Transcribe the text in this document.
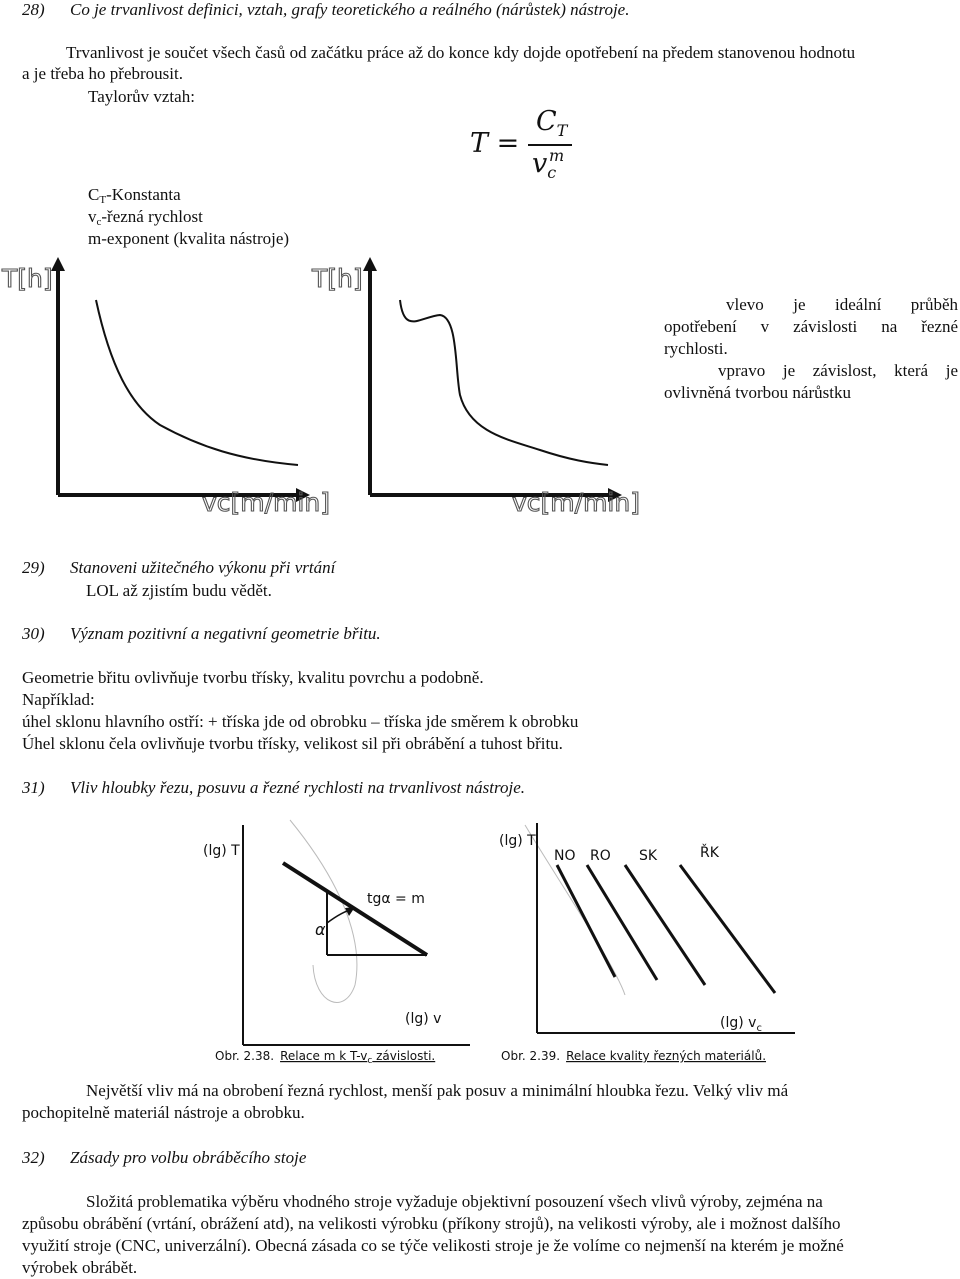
28) Co je trvanlivost definici, vztah, grafy teoretického a reálného (nárůstek) nástroje.
Trvanlivost je součet všech časů od začátku práce až do konce kdy dojde opotřebení na předem stanovenou hodnotu
a je třeba ho přebrousit.
Taylorův vztah:
T =
$C_T$
$v_c$
m
$C_T$-Konstanta
$v_c$-řezná rychlost
m-exponent (kvalita nástroje)
T[h]
vc[m/min]
T[h]
vc[m/min]
vlevo je ideální průběh
opotřebení v závislosti na řezné
rychlosti.
vpravo je závislost, která je
ovlivněná tvorbou nárůstku
29) Stanoveni užitečného výkonu při vrtání
LOL až zjistím budu vědět.
30) Význam pozitivní a negativní geometrie břitu.
Geometrie břitu ovlivňuje tvorbu třísky, kvalitu povrchu a podobně.
Například:
úhel sklonu hlavního ostří: + tříska jde od obrobku – tříska jde směrem k obrobku
Úhel sklonu čela ovlivňuje tvorbu třísky, velikost sil při obrábění a tuhost břitu.
31) Vliv hloubky řezu, posuvu a řezné rychlosti na trvanlivost nástroje.
(lg) T
(lg) v
α
tgα = m
(lg) T
(lg) $v_c$
NO RO SK	ŘK
Obr. 2.38. Relace m k $T-v_c$ závislosti.	Obr. 2.39. Relace kvality řezných materiálů.
Největší vliv má na obrobení řezná rychlost, menší pak posuv a minimální hloubka řezu. Velký vliv má
pochopitelně materiál nástroje a obrobku.
32) Zásady pro volbu obráběcího stoje
Složitá problematika výběru vhodného stroje vyžaduje objektivní posouzení všech vlivů výroby, zejména na
způsobu obrábění (vrtání, obrážení atd), na velikosti výrobku (příkony strojů), na velikosti výroby, ale i možnost dalšího
využití stroje (CNC, univerzální). Obecná zásada co se týče velikosti stroje je že volíme co nejmenší na kterém je možné
výrobek obrábět.
